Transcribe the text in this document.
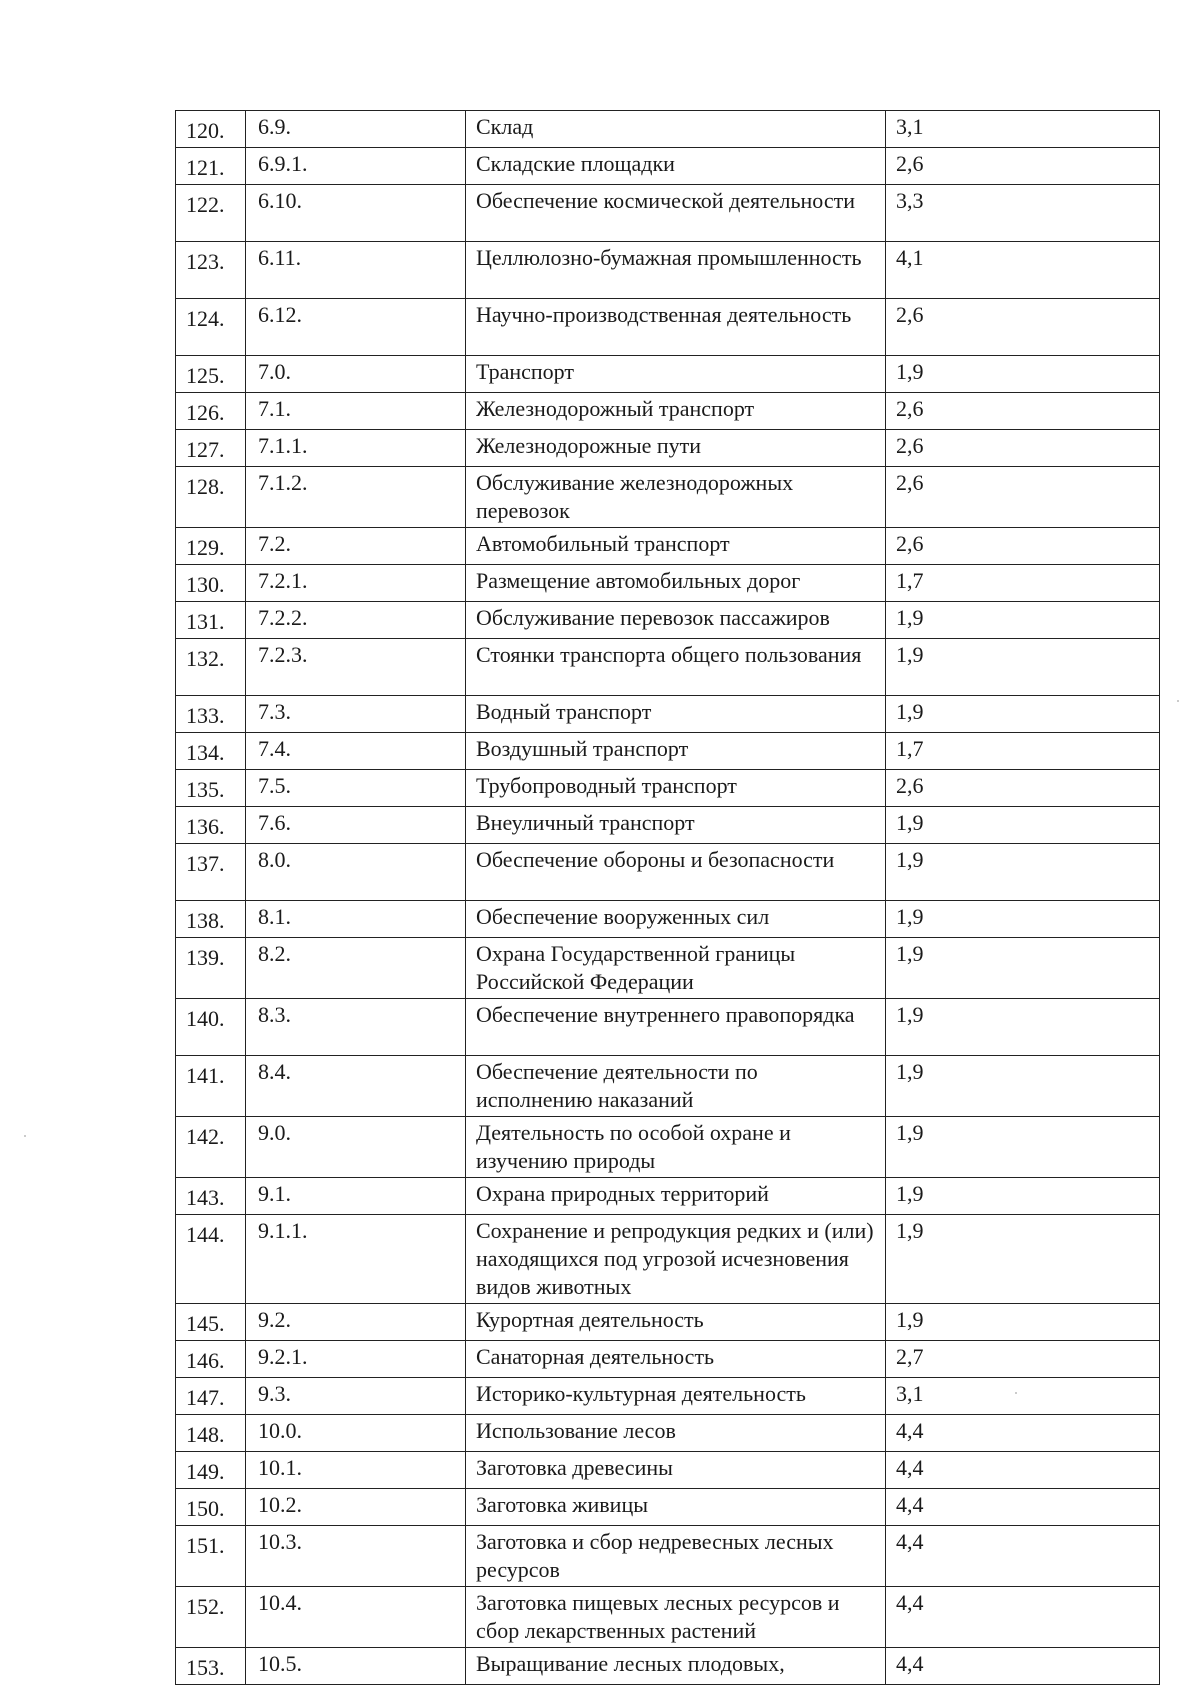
120.	6.9.	Склад	3,1
121.	6.9.1.	Складские площадки	2,6
122.	6.10.	Обеспечение космической деятельности	3,3
123.	6.11.	Целлюлозно-бумажная промышленность	4,1
124.	6.12.	Научно-производственная деятельность	2,6
125.	7.0.	Транспорт	1,9
126.	7.1.	Железнодорожный транспорт	2,6
127.	7.1.1.	Железнодорожные пути	2,6
128.	7.1.2.	Обслуживание железнодорожных перевозок	2,6
129.	7.2.	Автомобильный транспорт	2,6
130.	7.2.1.	Размещение автомобильных дорог	1,7
131.	7.2.2.	Обслуживание перевозок пассажиров	1,9
132.	7.2.3.	Стоянки транспорта общего пользования	1,9
133.	7.3.	Водный транспорт	1,9
134.	7.4.	Воздушный транспорт	1,7
135.	7.5.	Трубопроводный транспорт	2,6
136.	7.6.	Внеуличный транспорт	1,9
137.	8.0.	Обеспечение обороны и безопасности	1,9
138.	8.1.	Обеспечение вооруженных сил	1,9
139.	8.2.	Охрана Государственной границы Российской Федерации	1,9
140.	8.3.	Обеспечение внутреннего правопорядка	1,9
141.	8.4.	Обеспечение деятельности по исполнению наказаний	1,9
142.	9.0.	Деятельность по особой охране и изучению природы	1,9
143.	9.1.	Охрана природных территорий	1,9
144.	9.1.1.	Сохранение и репродукция редких и (или) находящихся под угрозой исчезновения видов животных	1,9
145.	9.2.	Курортная деятельность	1,9
146.	9.2.1.	Санаторная деятельность	2,7
147.	9.3.	Историко-культурная деятельность	3,1
148.	10.0.	Использование лесов	4,4
149.	10.1.	Заготовка древесины	4,4
150.	10.2.	Заготовка живицы	4,4
151.	10.3.	Заготовка и сбор недревесных лесных ресурсов	4,4
152.	10.4.	Заготовка пищевых лесных ресурсов и сбор лекарственных растений	4,4
153.	10.5.	Выращивание лесных плодовых,	4,4
